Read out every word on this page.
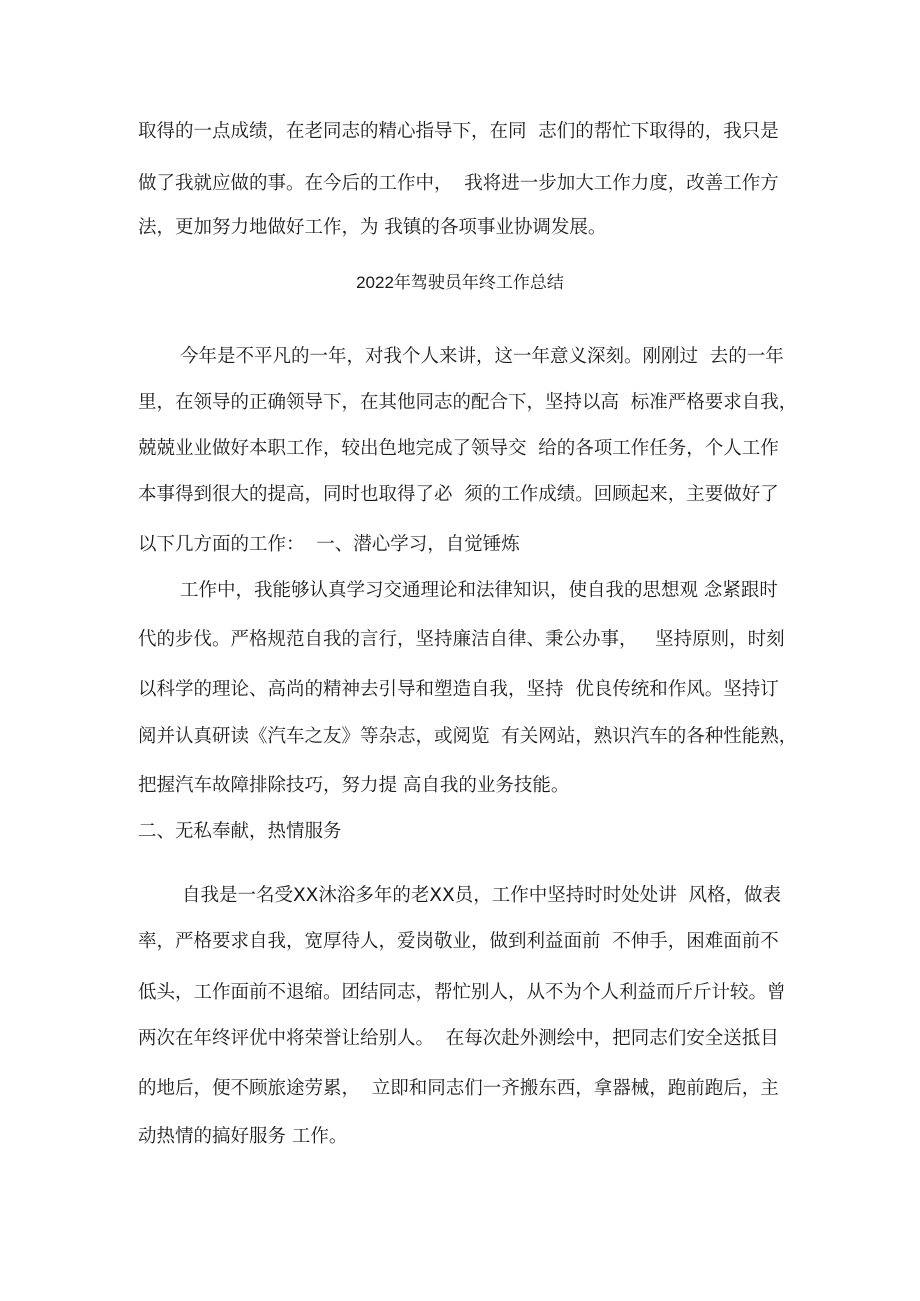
取得的一点成绩，在老同志的精心指导下，在同  志们的帮忙下取得的，我只是

做了我就应做的事。在今后的工作中，  我将进一步加大工作力度，改善工作方

法，更加努力地做好工作，为 我镇的各项事业协调发展。

2022年驾驶员年终工作总结

今年是不平凡的一年，对我个人来讲，这一年意义深刻。刚刚过  去的一年

里，在领导的正确领导下，在其他同志的配合下，坚持以高  标准严格要求自我，

兢兢业业做好本职工作，较出色地完成了领导交  给的各项工作任务，个人工作

本事得到很大的提高，同时也取得了必  须的工作成绩。回顾起来，主要做好了

以下几方面的工作：  一、潜心学习，自觉锤炼

工作中，我能够认真学习交通理论和法律知识，使自我的思想观 念紧跟时

代的步伐。严格规范自我的言行，坚持廉洁自律、秉公办事，   坚持原则，时刻

以科学的理论、高尚的精神去引导和塑造自我，坚持  优良传统和作风。坚持订

阅并认真研读《汽车之友》等杂志，或阅览  有关网站，熟识汽车的各种性能熟，

把握汽车故障排除技巧，努力提 高自我的业务技能。

二、无私奉献，热情服务

自我是一名受XX沐浴多年的老XX员，工作中坚持时时处处讲  风格，做表

率，严格要求自我，宽厚待人，爱岗敬业，做到利益面前  不伸手，困难面前不

低头，工作面前不退缩。团结同志，帮忙别人，从不为个人利益而斤斤计较。曾

两次在年终评优中将荣誉让给别人。  在每次赴外测绘中，把同志们安全送抵目

的地后，便不顾旅途劳累，  立即和同志们一齐搬东西，拿器械，跑前跑后，主

动热情的搞好服务 工作。
